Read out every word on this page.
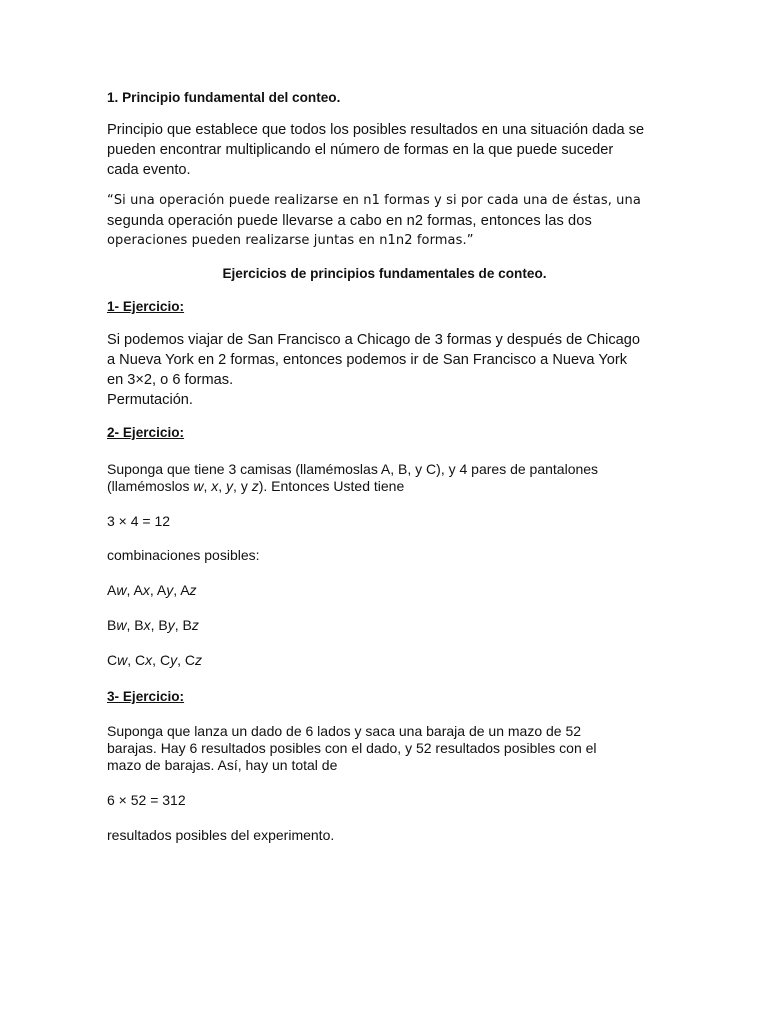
1. Principio fundamental del conteo.

Principio que establece que todos los posibles resultados en una situación dada se
pueden encontrar multiplicando el número de formas en la que puede suceder
cada evento.
“Si una operación puede realizarse en n1 formas y si por cada una de éstas, una
segunda operación puede llevarse a cabo en n2 formas, entonces las dos
operaciones pueden realizarse juntas en n1n2 formas.”

Ejercicios de principios fundamentales de conteo.

1- Ejercicio:

Si podemos viajar de San Francisco a Chicago de 3 formas y después de Chicago
a Nueva York en 2 formas, entonces podemos ir de San Francisco a Nueva York
en 3×2, o 6 formas.
Permutación.

2- Ejercicio:

Suponga que tiene 3 camisas (llamémoslas A, B, y C), y 4 pares de pantalones
(llamémoslos w, x, y, y z). Entonces Usted tiene

3 × 4 = 12

combinaciones posibles:

Aw, Ax, Ay, Az

Bw, Bx, By, Bz

Cw, Cx, Cy, Cz

3- Ejercicio:

Suponga que lanza un dado de 6 lados y saca una baraja de un mazo de 52
barajas. Hay 6 resultados posibles con el dado, y 52 resultados posibles con el
mazo de barajas. Así, hay un total de

6 × 52 = 312

resultados posibles del experimento.
